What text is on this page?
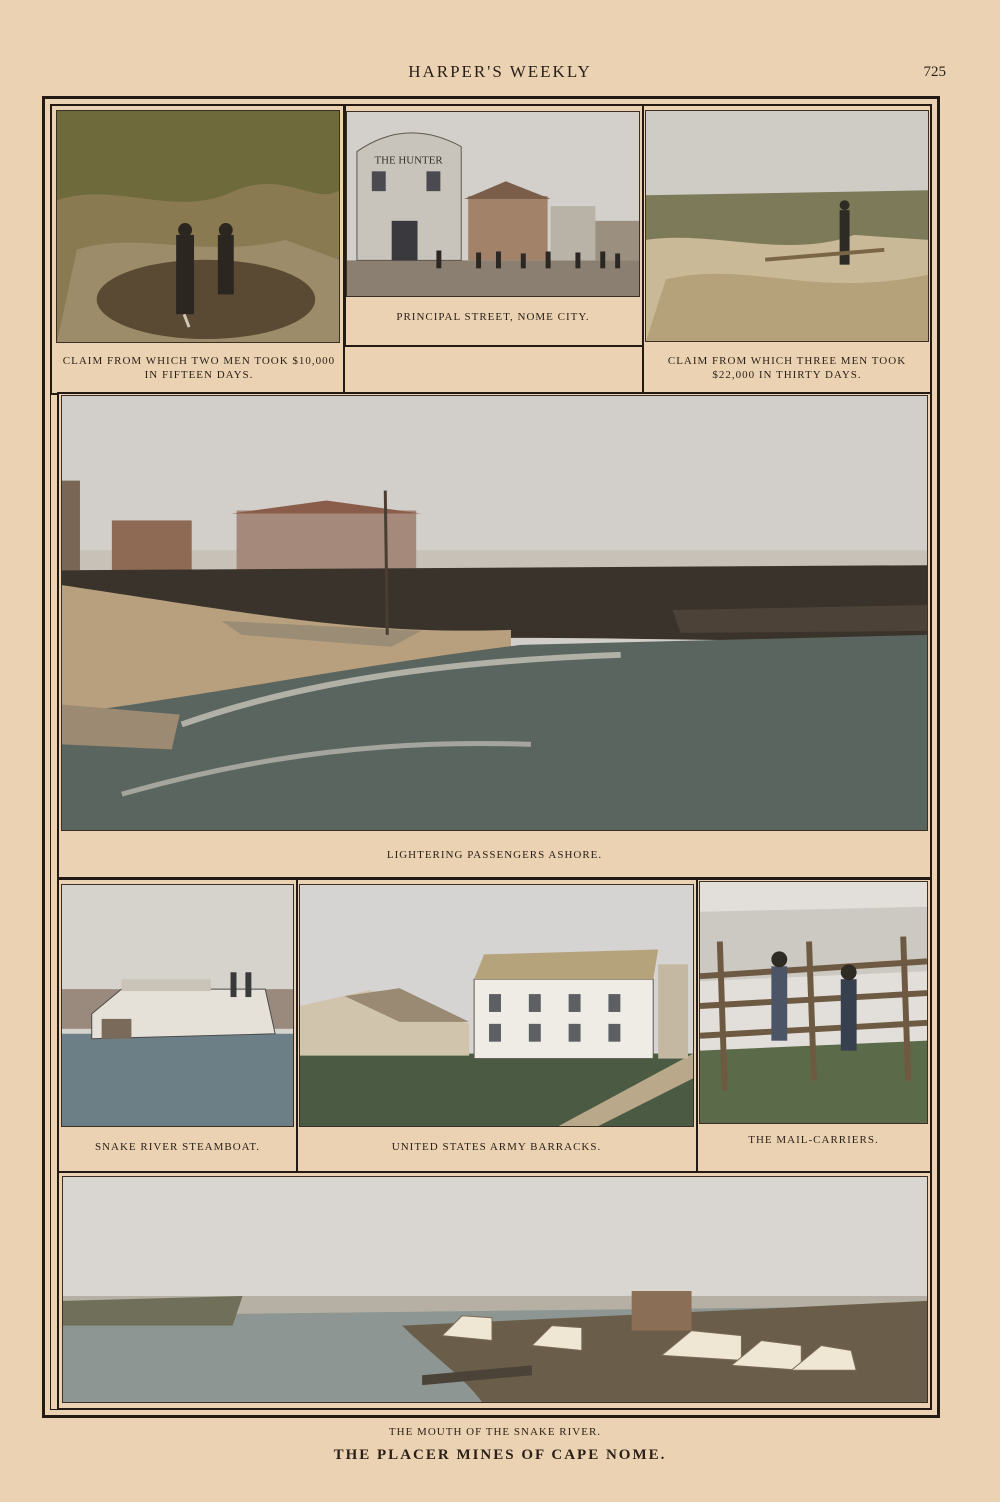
HARPER'S WEEKLY	725
CLAIM FROM WHICH TWO MEN TOOK $10,000 IN FIFTEEN DAYS.
THE HUNTER
PRINCIPAL STREET, NOME CITY.
CLAIM FROM WHICH THREE MEN TOOK $22,000 IN THIRTY DAYS.
LIGHTERING PASSENGERS ASHORE.
SNAKE RIVER STEAMBOAT.	UNITED STATES ARMY BARRACKS.
THE MAIL-CARRIERS.
THE MOUTH OF THE SNAKE RIVER.
THE PLACER MINES OF CAPE NOME.
